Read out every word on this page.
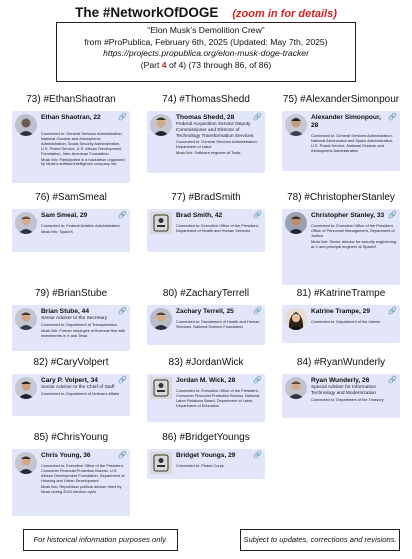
The #NetworkOfDOGE (zoom in for details)
“Elon Musk’s Demolition Crew”
from #ProPublica, February 6th, 2025 (Updated: May 7th, 2025)
https://projects.propublica.org/elon-musk-doge-tracker
(Part 4 of 4) (73 through 86, of 86)
73) #EthanShaotran
🔗
Ethan Shaotran, 22
Connected to: General Services Administration, National Oceanic and Atmospheric Administration, Social Security Administration, U.S. Postal Service, U.S. African Development Foundation, Inter-American Foundation
Musk link: Participated in a hackathon organized by Musk's artificial intelligence company xAI
74) #ThomasShedd
🔗
Thomas Shedd, 28
Federal Acquisition Service Deputy Commissioner and Director of Technology Transformation Services
Connected to: General Services Administration, Department of Labor
Musk link: Software engineer at Tesla
75) #AlexanderSimonpour
🔗
Alexander Simonpour, 28
Connected to: General Services Administration, National Aeronautics and Space Administration, U.S. Postal Service, National Oceanic and Atmospheric Administration
76) #SamSmeal
🔗
Sam Smeal, 29
Connected to: Federal Aviation Administration
Musk link: SpaceX
77) #BradSmith
🔗
Brad Smith, 42
Connected to: Executive Office of the President, Department of Health and Human Services
78) #ChristopherStanley
🔗
Christopher Stanley, 33
Connected to: Executive Office of the President, Office of Personnel Management, Department of Justice
Musk link: Senior director for security engineering at X and principal engineer at SpaceX
79) #BrianStube
🔗
Brian Stube, 44
Senior Adviser to the Secretary
Connected to: Department of Transportation
Musk link: Former employee of financial firm with investments in X and Tesla
80) #ZacharyTerrell
🔗
Zachary Terrell, 25
Connected to: Department of Health and Human Services, National Science Foundation
81) #KatrineTrampe
🔗
Katrine Trampe, 29
Connected to: Department of the Interior
82) #CaryVolpert
🔗
Cary P. Volpert, 34
Senior Adviser to the Chief of Staff
Connected to: Department of Veterans Affairs
83) #JordanWick
🔗
Jordan M. Wick, 28
Connected to: Executive Office of the President, Consumer Financial Protection Bureau, National Labor Relations Board, Department of Labor, Department of Education
84) #RyanWunderly
🔗
Ryan Wunderly, 26
Special Adviser for Information Technology and Modernization
Connected to: Department of the Treasury
85) #ChrisYoung
🔗
Chris Young, 36
Connected to: Executive Office of the President, Consumer Financial Protection Bureau, U.S. African Development Foundation, Department of Housing and Urban Development
Musk link: Republican political adviser hired by Musk during 2024 election cycle
86) #BridgetYoungs
🔗
Bridget Youngs, 29
Connected to: Peace Corps
For historical information purposes only.	Subject to updates, corrections and revisions.
